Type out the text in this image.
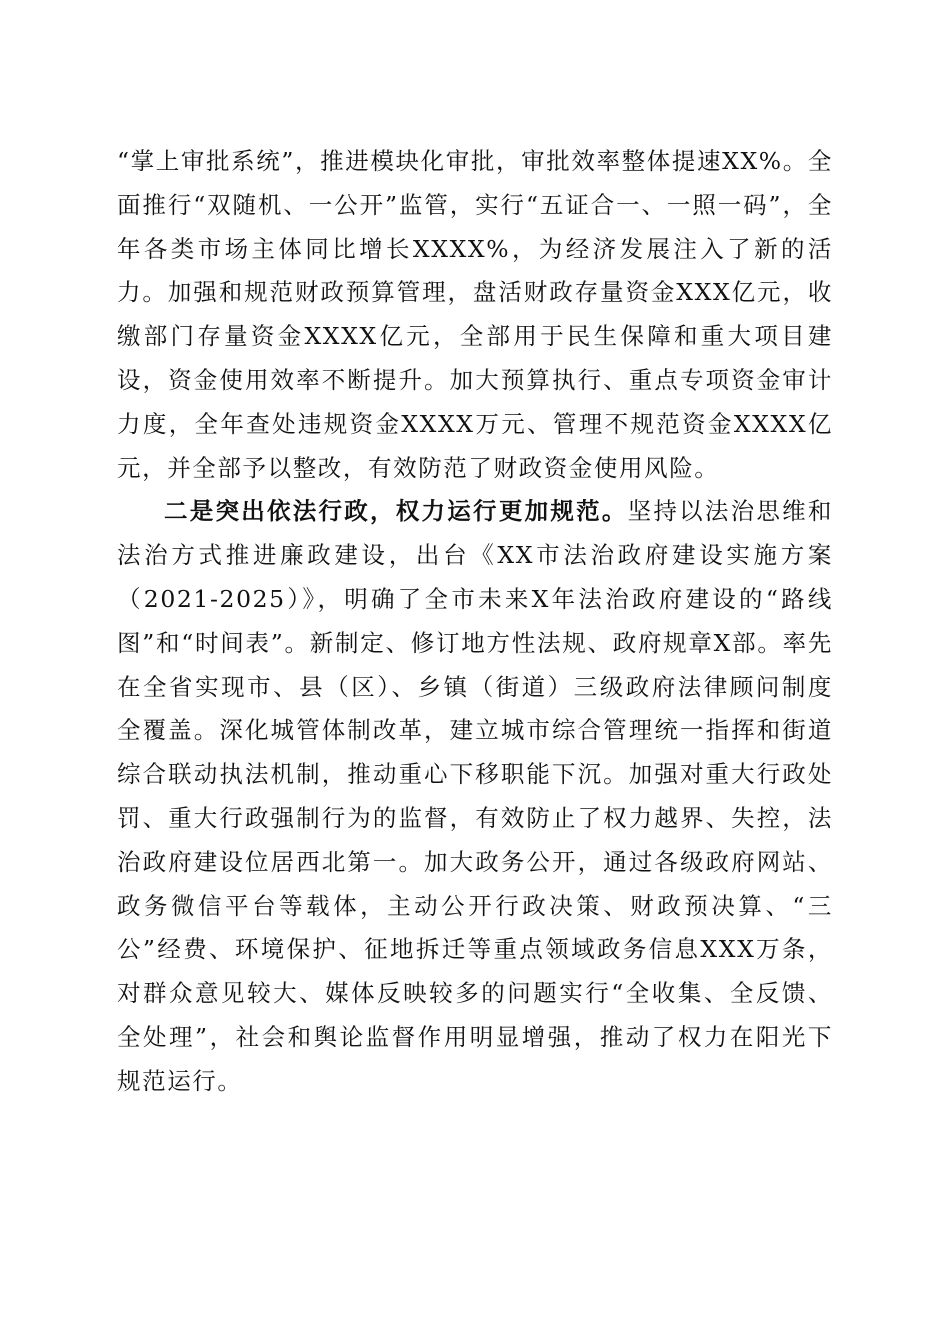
“掌上审批系统”，推进模块化审批，审批效率整体提速XX%。全面推行“双随机、一公开”监管，实行“五证合一、一照一码”，全年各类市场主体同比增长XXXX%，为经济发展注入了新的活力。加强和规范财政预算管理，盘活财政存量资金XXX亿元，收缴部门存量资金XXXX亿元，全部用于民生保障和重大项目建设，资金使用效率不断提升。加大预算执行、重点专项资金审计力度，全年查处违规资金XXXX万元、管理不规范资金XXXX亿元，并全部予以整改，有效防范了财政资金使用风险。

二是突出依法行政，权力运行更加规范。坚持以法治思维和法治方式推进廉政建设，出台《XX市法治政府建设实施方案（2021-2025）》，明确了全市未来X年法治政府建设的“路线图”和“时间表”。新制定、修订地方性法规、政府规章X部。率先在全省实现市、县（区）、乡镇（街道）三级政府法律顾问制度全覆盖。深化城管体制改革，建立城市综合管理统一指挥和街道综合联动执法机制，推动重心下移职能下沉。加强对重大行政处罚、重大行政强制行为的监督，有效防止了权力越界、失控，法治政府建设位居西北第一。加大政务公开，通过各级政府网站、政务微信平台等载体，主动公开行政决策、财政预决算、“三公”经费、环境保护、征地拆迁等重点领域政务信息XXX万条，对群众意见较大、媒体反映较多的问题实行“全收集、全反馈、全处理”，社会和舆论监督作用明显增强，推动了权力在阳光下规范运行。
